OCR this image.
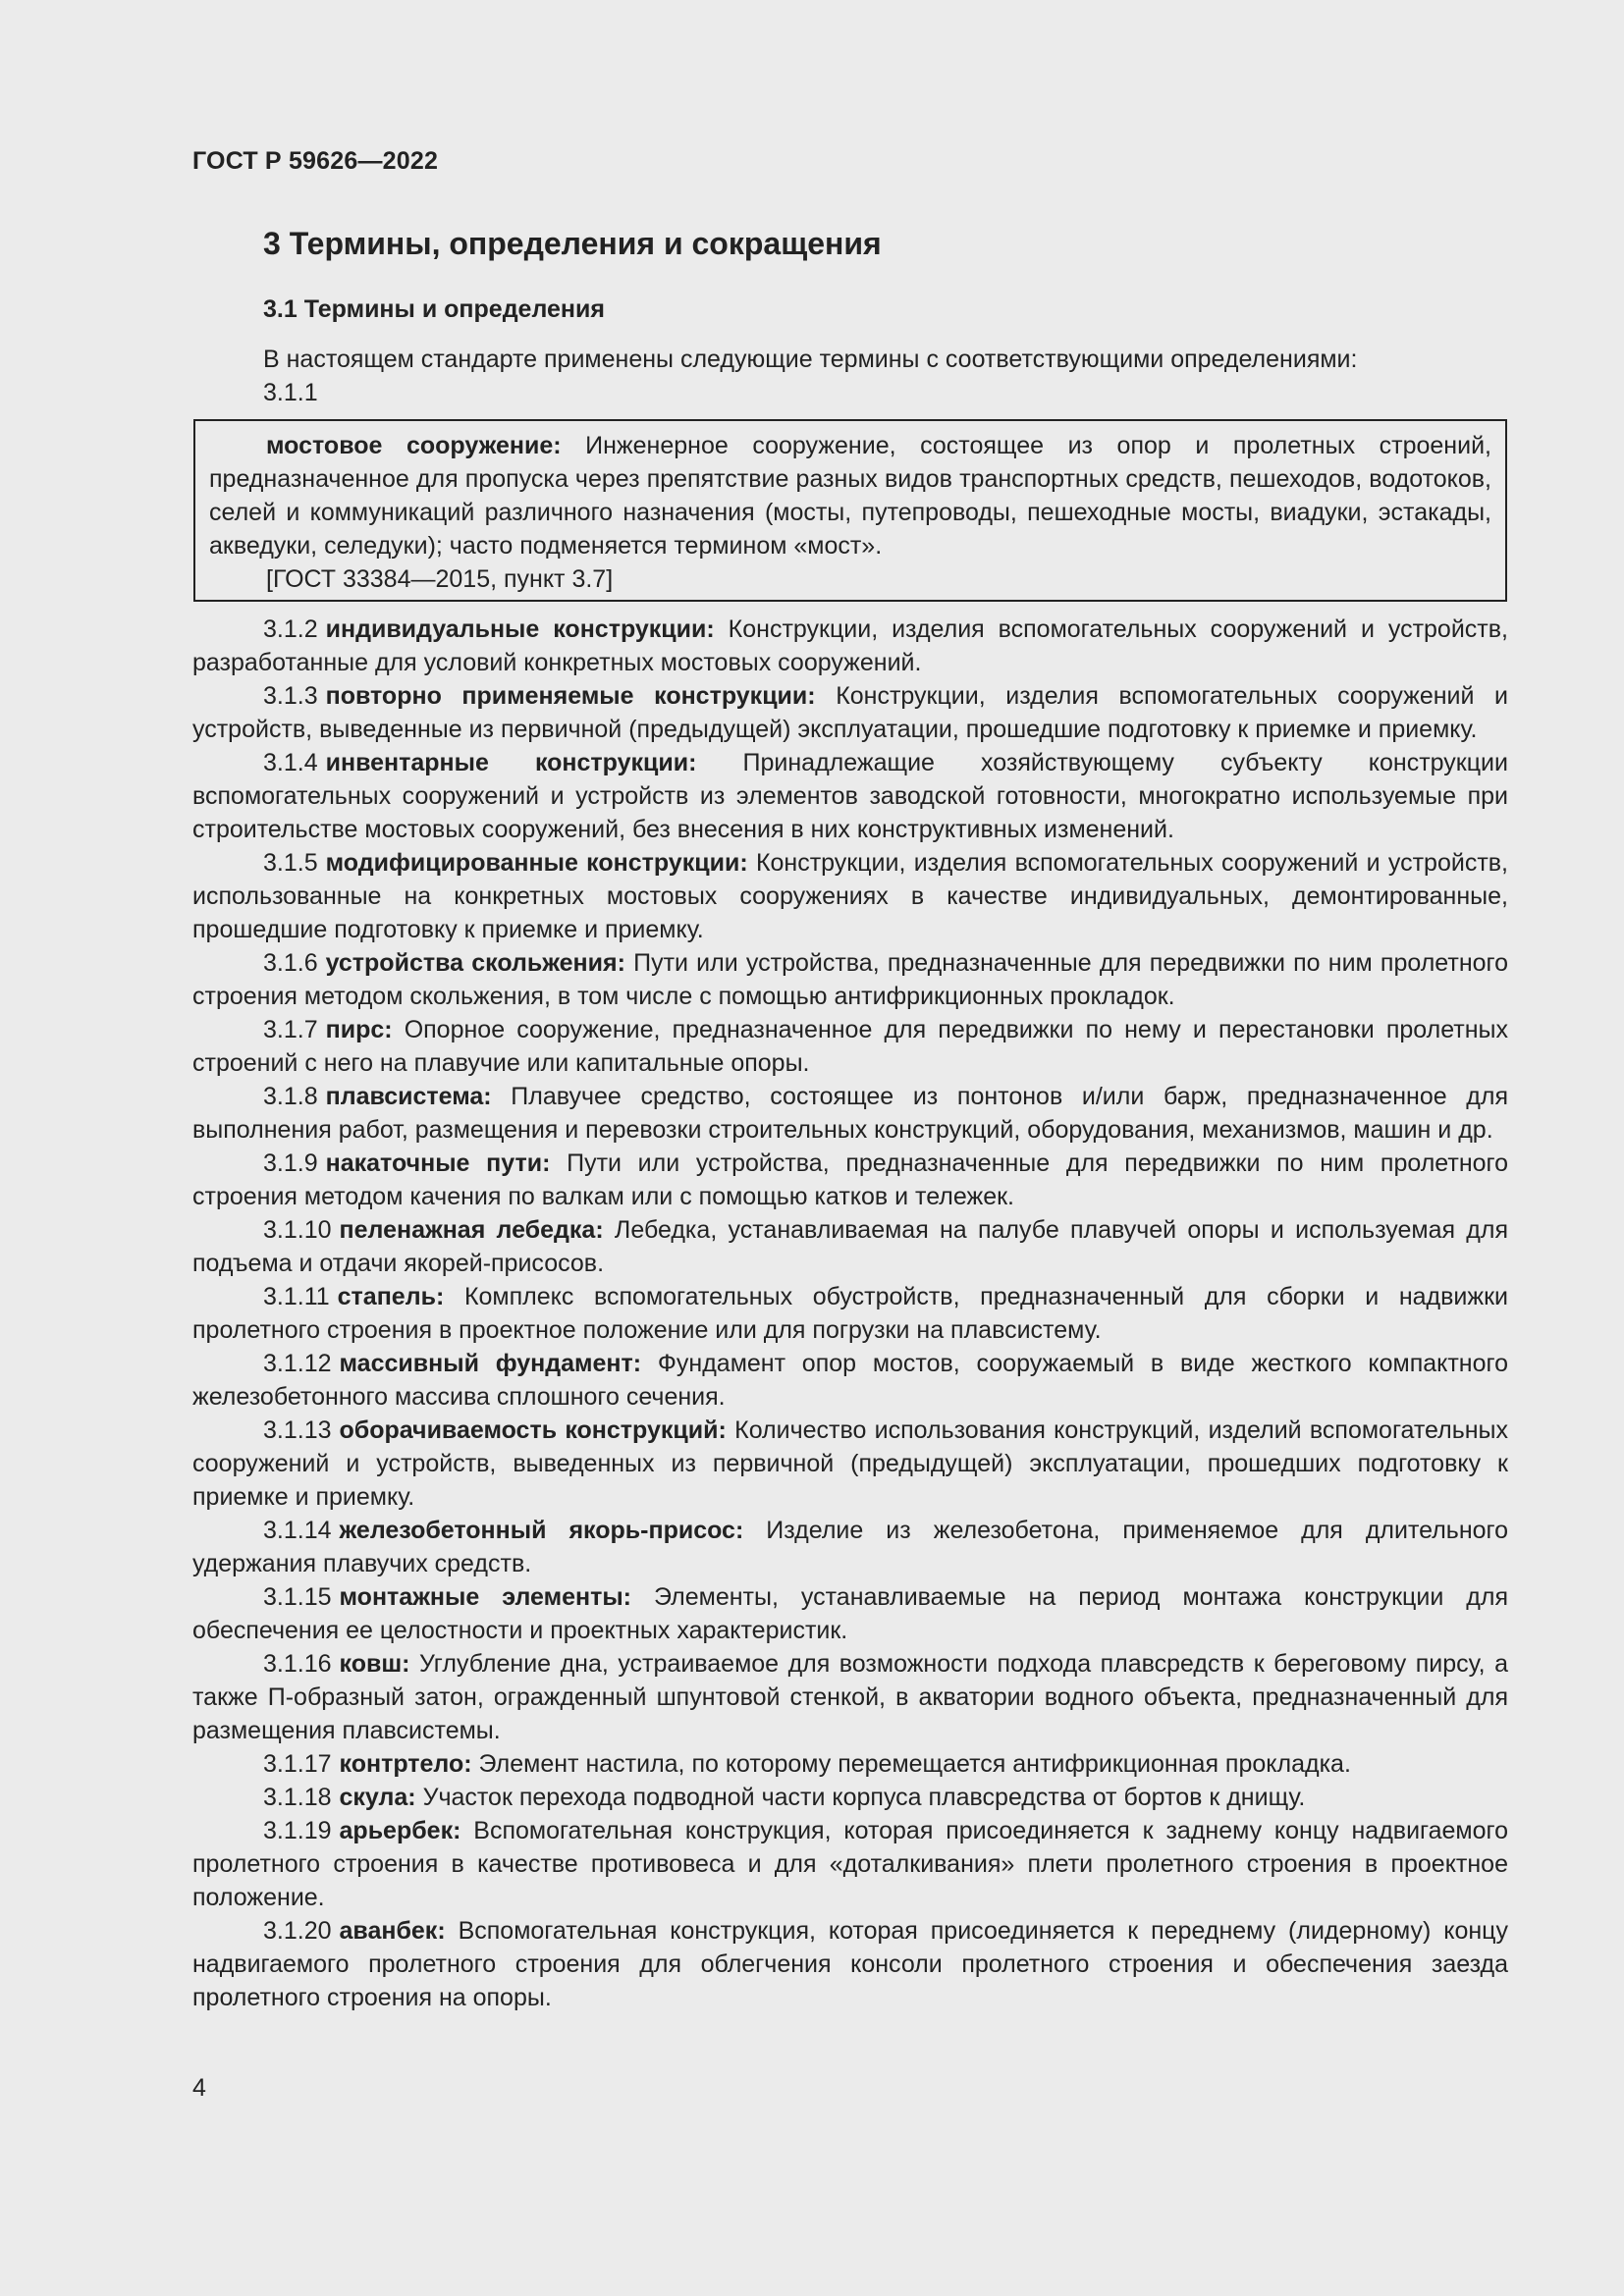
ГОСТ Р 59626—2022
3 Термины, определения и сокращения
3.1 Термины и определения

В настоящем стандарте применены следующие термины с соответствующими определениями:

3.1.1

мостовое сооружение: Инженерное сооружение, состоящее из опор и пролетных строений, предназначенное для пропуска через препятствие разных видов транспортных средств, пешеходов, водотоков, селей и коммуникаций различного назначения (мосты, путепроводы, пешеходные мосты, виадуки, эстакады, акведуки, селедуки); часто подменяется термином «мост».

[ГОСТ 33384—2015, пункт 3.7]

3.1.2 индивидуальные конструкции: Конструкции, изделия вспомогательных сооружений и устройств, разработанные для условий конкретных мостовых сооружений.

3.1.3 повторно применяемые конструкции: Конструкции, изделия вспомогательных сооружений и устройств, выведенные из первичной (предыдущей) эксплуатации, прошедшие подготовку к приемке и приемку.

3.1.4 инвентарные конструкции: Принадлежащие хозяйствующему субъекту конструкции вспомогательных сооружений и устройств из элементов заводской готовности, многократно используемые при строительстве мостовых сооружений, без внесения в них конструктивных изменений.

3.1.5 модифицированные конструкции: Конструкции, изделия вспомогательных сооружений и устройств, использованные на конкретных мостовых сооружениях в качестве индивидуальных, демонтированные, прошедшие подготовку к приемке и приемку.

3.1.6 устройства скольжения: Пути или устройства, предназначенные для передвижки по ним пролетного строения методом скольжения, в том числе с помощью антифрикционных прокладок.

3.1.7 пирс: Опорное сооружение, предназначенное для передвижки по нему и перестановки пролетных строений с него на плавучие или капитальные опоры.

3.1.8 плавсистема: Плавучее средство, состоящее из понтонов и/или барж, предназначенное для выполнения работ, размещения и перевозки строительных конструкций, оборудования, механизмов, машин и др.

3.1.9 накаточные пути: Пути или устройства, предназначенные для передвижки по ним пролетного строения методом качения по валкам или с помощью катков и тележек.

3.1.10 пеленажная лебедка: Лебедка, устанавливаемая на палубе плавучей опоры и используемая для подъема и отдачи якорей-присосов.

3.1.11 стапель: Комплекс вспомогательных обустройств, предназначенный для сборки и надвижки пролетного строения в проектное положение или для погрузки на плавсистему.

3.1.12 массивный фундамент: Фундамент опор мостов, сооружаемый в виде жесткого компактного железобетонного массива сплошного сечения.

3.1.13 оборачиваемость конструкций: Количество использования конструкций, изделий вспомогательных сооружений и устройств, выведенных из первичной (предыдущей) эксплуатации, прошедших подготовку к приемке и приемку.

3.1.14 железобетонный якорь-присос: Изделие из железобетона, применяемое для длительного удержания плавучих средств.

3.1.15 монтажные элементы: Элементы, устанавливаемые на период монтажа конструкции для обеспечения ее целостности и проектных характеристик.

3.1.16 ковш: Углубление дна, устраиваемое для возможности подхода плавсредств к береговому пирсу, а также П-образный затон, огражденный шпунтовой стенкой, в акватории водного объекта, предназначенный для размещения плавсистемы.

3.1.17 контртело: Элемент настила, по которому перемещается антифрикционная прокладка.

3.1.18 скула: Участок перехода подводной части корпуса плавсредства от бортов к днищу.

3.1.19 арьербек: Вспомогательная конструкция, которая присоединяется к заднему концу надвигаемого пролетного строения в качестве противовеса и для «доталкивания» плети пролетного строения в проектное положение.

3.1.20 аванбек: Вспомогательная конструкция, которая присоединяется к переднему (лидерному) концу надвигаемого пролетного строения для облегчения консоли пролетного строения и обеспечения заезда пролетного строения на опоры.

4
